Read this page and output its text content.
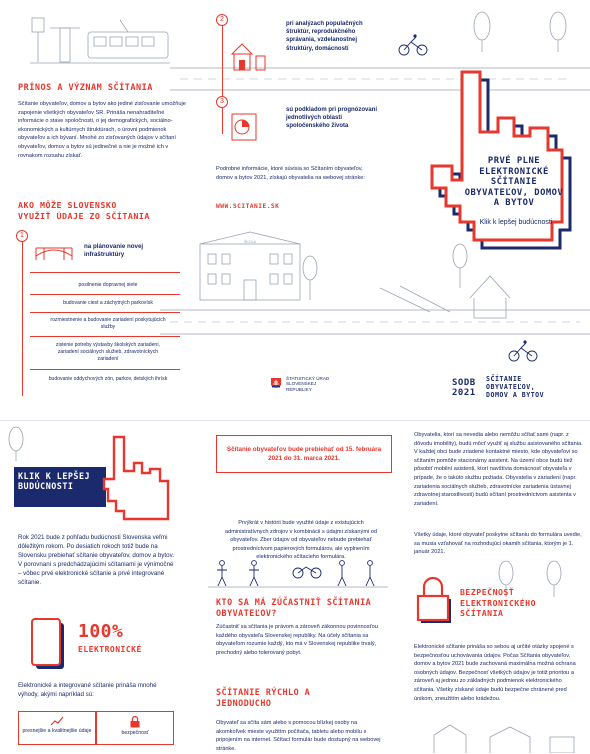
PRÍNOS A VÝZNAM SČÍTANIA
Sčítanie obyvateľov, domov a bytov ako jediné zisťovanie umožňuje zapojenie všetkých obyvateľov SR. Prináša nenahraditeľné informácie o stave spoločnosti, o jej demografických, sociálno-ekonomických a kultúrnych štruktúrach, o úrovni podmienok obyvateľov a ich bývaní. Mnohé zo zisťovaných údajov v sčítaní obyvateľov, domov a bytov sú jedinečné a nie je možné ich v rovnakom rozsahu získať.
AKO MÔŽE SLOVENSKO
VYUŽIŤ ÚDAJE ZO SČÍTANIA
1
na plánovanie novej infraštruktúry
posilnenie dopravnej siete
budovanie ciest a záchytných parkovísk
rozmiestnenie a budovanie zariadení poskytujúcich služby
zistenie potreby výstavby školských zariadení, zariadení sociálnych služieb, zdravotníckych zariadení
budovanie oddychových zón, parkov, detských ihrísk
2
pri analýzach populačných štruktúr, reprodukčného správania, vzdelanostnej štruktúry, domácností
3
sú podkladom pri prognózovaní jednotlivých oblastí spoločenského života
Podrobné informácie, ktoré súvisia so Sčítaním obyvateľov, domov a bytov 2021, získajú obyvatelia na webovej stránke:
WWW.SCITANIE.SK
PRVÉ PLNE ELEKTRONICKÉ SČÍTANIE OBYVATEĽOV, DOMOV A BYTOV
Klik k lepšej budúcnosti
ŠKOLA
ŠTATISTICKÝ ÚRAD SLOVENSKEJ REPUBLIKY
SODB 2021
SČÍTANIE OBYVATEĽOV, DOMOV A BYTOV
KLIK K LEPŠEJ BUDÚCNOSTI
Rok 2021 bude z pohľadu budúcnosti Slovenska veľmi dôležitým rokom. Po desiatich rokoch totiž bude na Slovensku prebiehať sčítanie obyvateľov, domov a bytov. V porovnaní s predchádzajúcimi sčítaniami je výnimočné – vôbec prvé elektronické sčítanie a prvé integrované sčítanie.
100%
ELEKTRONICKÉ
Elektronické a integrované sčítanie prináša mnohé výhody, akými napríklad sú:
presnejšie a kvalitnejšie údaje	bezpečnosť
Sčítanie obyvateľov bude prebiehať od 15. februára 2021 do 31. marca 2021.
Prvýkrát v histórii bude využité údaje z existujúcich administratívnych zdrojov v kombinácii s údajmi získanými od obyvateľov. Zber údajov od obyvateľov nebude prebiehať prostredníctvom papierových formulárov, ale vyplnením elektronického sčítacieho formulára.
KTO SA MÁ ZÚČASTNIŤ SČÍTANIA OBYVATEĽOV?
Zúčastniť sa sčítania je právom a zároveň zákonnou povinnosťou každého obyvateľa Slovenskej republiky. Na účely sčítania sa obyvateľom rozumie každý, kto má v Slovenskej republike trvalý, prechodný alebo tolerovaný pobyt.
SČÍTANIE RÝCHLO A JEDNODUCHO
Obyvateľ sa sčíta sám alebo s pomocou blízkej osoby na akomkoľvek mieste využitím počítača, tabletu alebo mobilu s pripojením na internet. Sčítací formulár bude dostupný na webovej stránke.
Obyvatelia, ktorí sa nevedia alebo nemôžu sčítať sami (napr. z dôvodu imobility), budú môcť využiť aj službu asistovaného sčítania. V každej obci bude zriadené kontaktné miesto, kde obyvateľovi so sčítaním pomôže stacionárny asistent. Na území obce budú tiež pôsobiť mobilní asistenti, ktorí navštívia domácnosť obyvateľa v prípade, že o takúto službu požiada. Obyvatelia v zariadení (napr. zariadenia sociálnych služieb, zdravotnícke zariadenia ústavnej zdravotnej starostlivosti) budú sčítaní prostredníctvom asistenta v zariadení.
Všetky údaje, ktoré obyvateľ poskytne sčítaniu do formulára uvedie, sa musia vzťahovať na rozhodujúci okamih sčítania, ktorým je 1. január 2021.
BEZPEČNOSŤ ELEKTRONICKÉHO SČÍTANIA
Elektronické sčítanie prináša so sebou aj určité otázky spojené s bezpečnosťou uchovávania údajov. Počas Sčítania obyvateľov, domov a bytov 2021 bude zachovaná maximálna možná ochrana osobných údajov. Bezpečnosť všetkých údajov je totiž prioritou a zároveň aj jednou zo základných podmienok elektronického sčítania. Všetky získané údaje budú bezpečne chránené pred únikom, zneužitím alebo krádežou.
